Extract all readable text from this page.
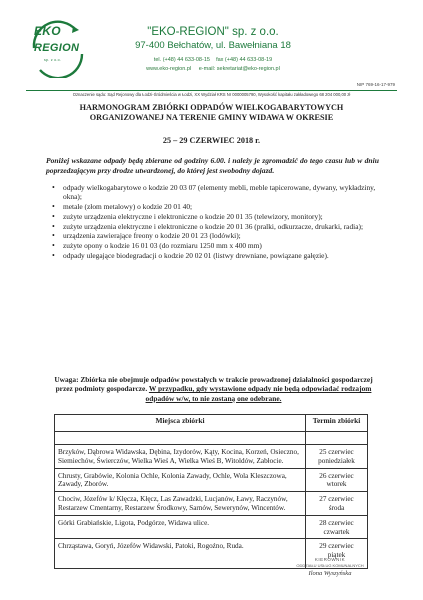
EKO
REGION
sp. z o.o.
"EKO-REGION" sp. z o.o.
97-400 Bełchatów, ul. Bawełniana 18
tel. (+48) 44 633-08-15 fax (+48) 44 633-08-19
www.eko-region.pl e-mail: sekretariat@eko-region.pl
NIP 769-16-17-979
Oznaczenie sądu: Sąd Rejonowy dla Łodzi-Śródmieścia w Łodzi, XX Wydział KRS Nr 0000005790, Wysokość kapitału zakładowego 68 204 000,00 zł
HARMONOGRAM ZBIÓRKI ODPADÓW WIELKOGABARYTOWYCH
ORGANIZOWANEJ NA TERENIE GMINY WIDAWA W OKRESIE
25 – 29 CZERWIEC 2018 r.
Poniżej wskazane odpady będą zbierane od godziny 6.00. i należy je zgromadzić do tego czasu lub w dniu poprzedzającym przy drodze utwardzonej, do której jest swobodny dojazd.
• odpady wielkogabarytowe o kodzie 20 03 07 (elementy mebli, meble tapicerowane, dywany, wykładziny, okna);
• metale (złom metalowy) o kodzie 20 01 40;
• zużyte urządzenia elektryczne i elektroniczne o kodzie 20 01 35 (telewizory, monitory);
• zużyte urządzenia elektryczne i elektroniczne o kodzie 20 01 36 (pralki, odkurzacze, drukarki, radia);
• urządzenia zawierające freony o kodzie 20 01 23 (lodówki);
• zużyte opony o kodzie 16 01 03 (do rozmiaru 1250 mm x 400 mm)
• odpady ulegające biodegradacji o kodzie 20 02 01 (listwy drewniane, powiązane gałęzie).
Uwaga: Zbiórka nie obejmuje odpadów powstałych w trakcie prowadzonej działalności gospodarczej przez podmioty gospodarcze. W przypadku, gdy wystawione odpady nie będą odpowiadać rodzajom odpadów w/w, to nie zostaną one odebrane.
Miejsca zbiórki	Termin zbiórki

Brzyków, Dąbrowa Widawska, Dębina, Izydorów, Kąty, Kocina, Korzeń, Osieczno, Siemiechów, Świerczów, Wielka Wieś A, Wielka Wieś B, Witoldów, Zabłocie.	25 czerwiec
poniedziałek

Chrusty, Grabówie, Kolonia Ochle, Kolonia Zawady, Ochle, Wola Kleszczowa, Zawady, Zborów.	26 czerwiec
wtorek

Chociw, Józefów k/ Kłęcza, Kłęcz, Las Zawadzki, Lucjanów, Ławy, Raczynów, Restarzew Cmentarny, Restarzew Środkowy, Sarnów, Sewerynów, Wincentów.	27 czerwiec
środa

Górki Grabiańskie, Ligota, Podgórze, Widawa ulice.	28 czerwiec
czwartek

Chrząstawa, Goryń, Józefów Widawski, Patoki, Rogoźno, Ruda.	29 czerwiec
piątek
KIEROWNIK
ODDZIAŁU USŁUG KOMUNALNYCH
Ilona Wyszyńska
